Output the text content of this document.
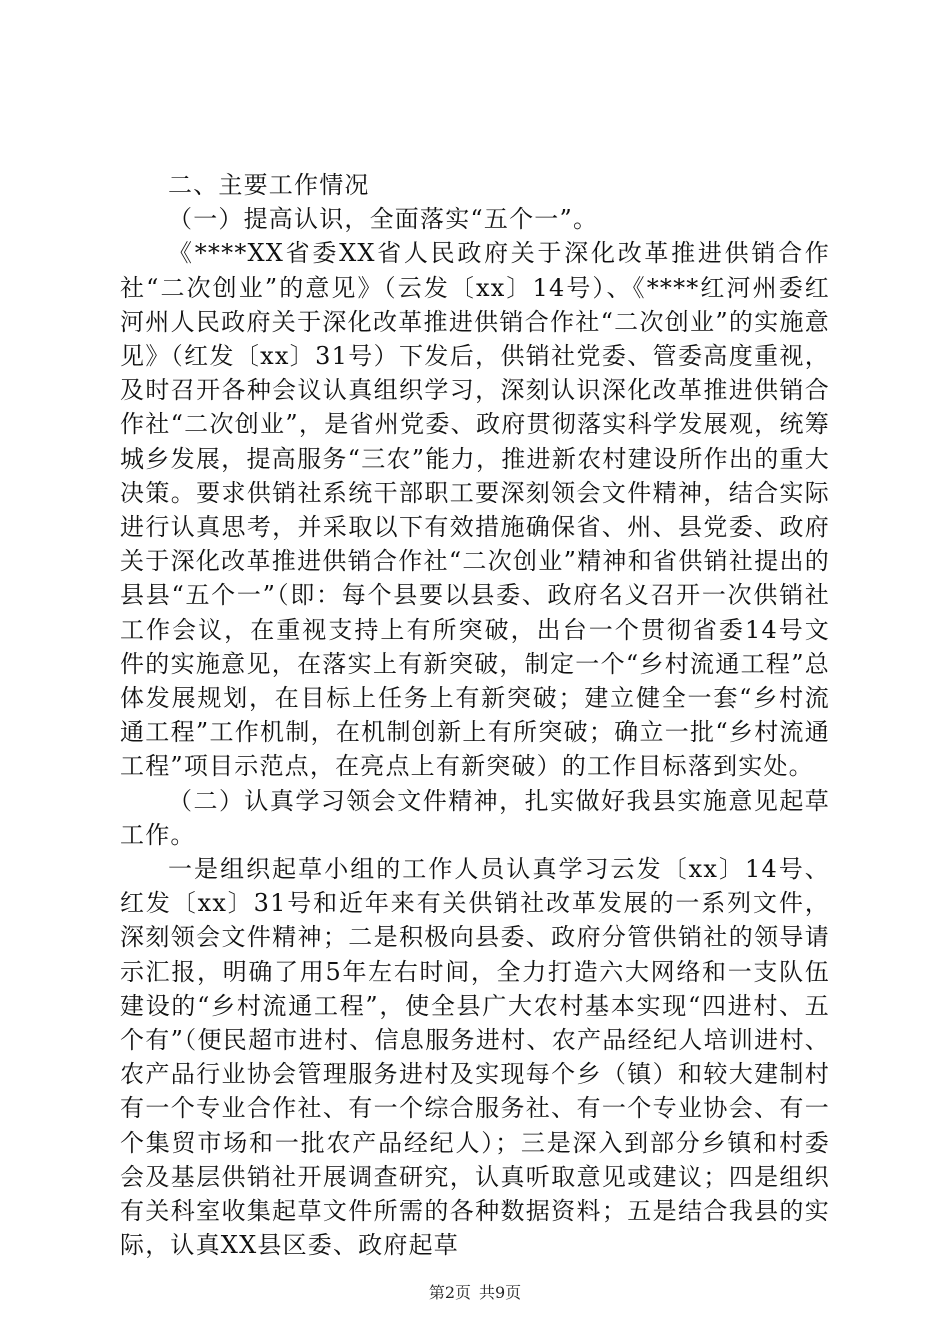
二、主要工作情况

（一）提高认识，全面落实“五个一”。

《****XX省委XX省人民政府关于深化改革推进供销合作社“二次创业”的意见》（云发〔xx〕14号）、《****红河州委红河州人民政府关于深化改革推进供销合作社“二次创业”的实施意见》（红发〔xx〕31号）下发后，供销社党委、管委高度重视，及时召开各种会议认真组织学习，深刻认识深化改革推进供销合作社“二次创业”，是省州党委、政府贯彻落实科学发展观，统筹城乡发展，提高服务“三农”能力，推进新农村建设所作出的重大决策。要求供销社系统干部职工要深刻领会文件精神，结合实际进行认真思考，并采取以下有效措施确保省、州、县党委、政府关于深化改革推进供销合作社“二次创业”精神和省供销社提出的县县“五个一”（即：每个县要以县委、政府名义召开一次供销社工作会议，在重视支持上有所突破，出台一个贯彻省委14号文件的实施意见，在落实上有新突破，制定一个“乡村流通工程”总体发展规划，在目标上任务上有新突破；建立健全一套“乡村流通工程”工作机制，在机制创新上有所突破；确立一批“乡村流通工程”项目示范点，在亮点上有新突破）的工作目标落到实处。

（二）认真学习领会文件精神，扎实做好我县实施意见起草工作。

一是组织起草小组的工作人员认真学习云发〔xx〕14号、红发〔xx〕31号和近年来有关供销社改革发展的一系列文件，深刻领会文件精神；二是积极向县委、政府分管供销社的领导请示汇报，明确了用5年左右时间，全力打造六大网络和一支队伍建设的“乡村流通工程”，使全县广大农村基本实现“四进村、五个有”（便民超市进村、信息服务进村、农产品经纪人培训进村、农产品行业协会管理服务进村及实现每个乡（镇）和较大建制村有一个专业合作社、有一个综合服务社、有一个专业协会、有一个集贸市场和一批农产品经纪人）；三是深入到部分乡镇和村委会及基层供销社开展调查研究，认真听取意见或建议；四是组织有关科室收集起草文件所需的各种数据资料；五是结合我县的实际，认真XX县区委、政府起草

第2页 共9页
